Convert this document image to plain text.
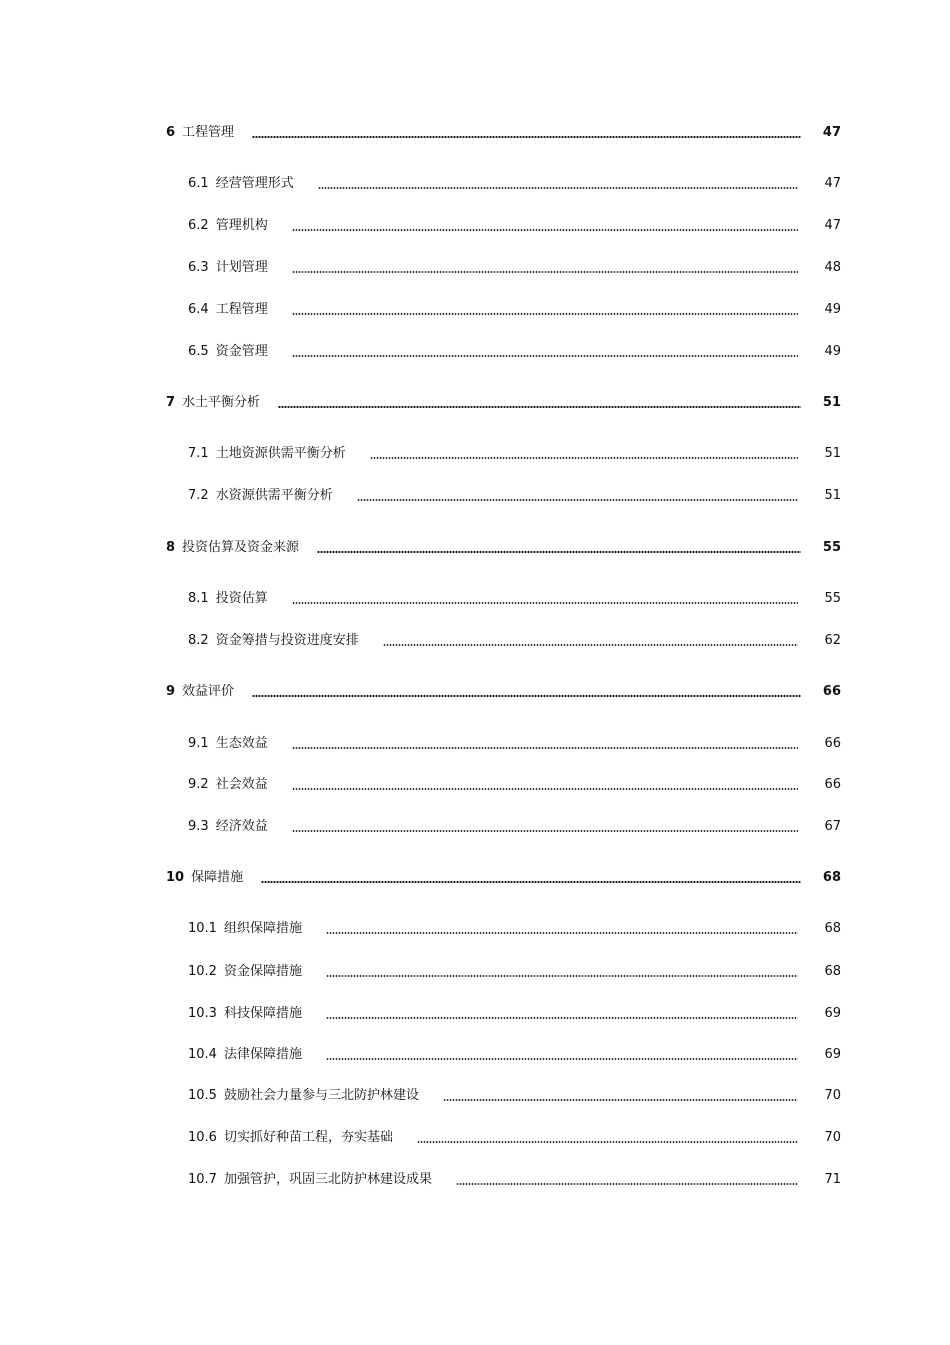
6 工程管理	47
6.1 经营管理形式	47
6.2 管理机构	47
6.3 计划管理	48
6.4 工程管理	49
6.5 资金管理	49
7 水土平衡分析	51
7.1 土地资源供需平衡分析	51
7.2 水资源供需平衡分析	51
8 投资估算及资金来源	55
8.1 投资估算	55
8.2 资金筹措与投资进度安排	62
9 效益评价	66
9.1 生态效益	66
9.2 社会效益	66
9.3 经济效益	67
10 保障措施	68
10.1 组织保障措施	68
10.2 资金保障措施	68
10.3 科技保障措施	69
10.4 法律保障措施	69
10.5 鼓励社会力量参与三北防护林建设	70
10.6 切实抓好种苗工程，夯实基础	70
10.7 加强管护，巩固三北防护林建设成果	71
